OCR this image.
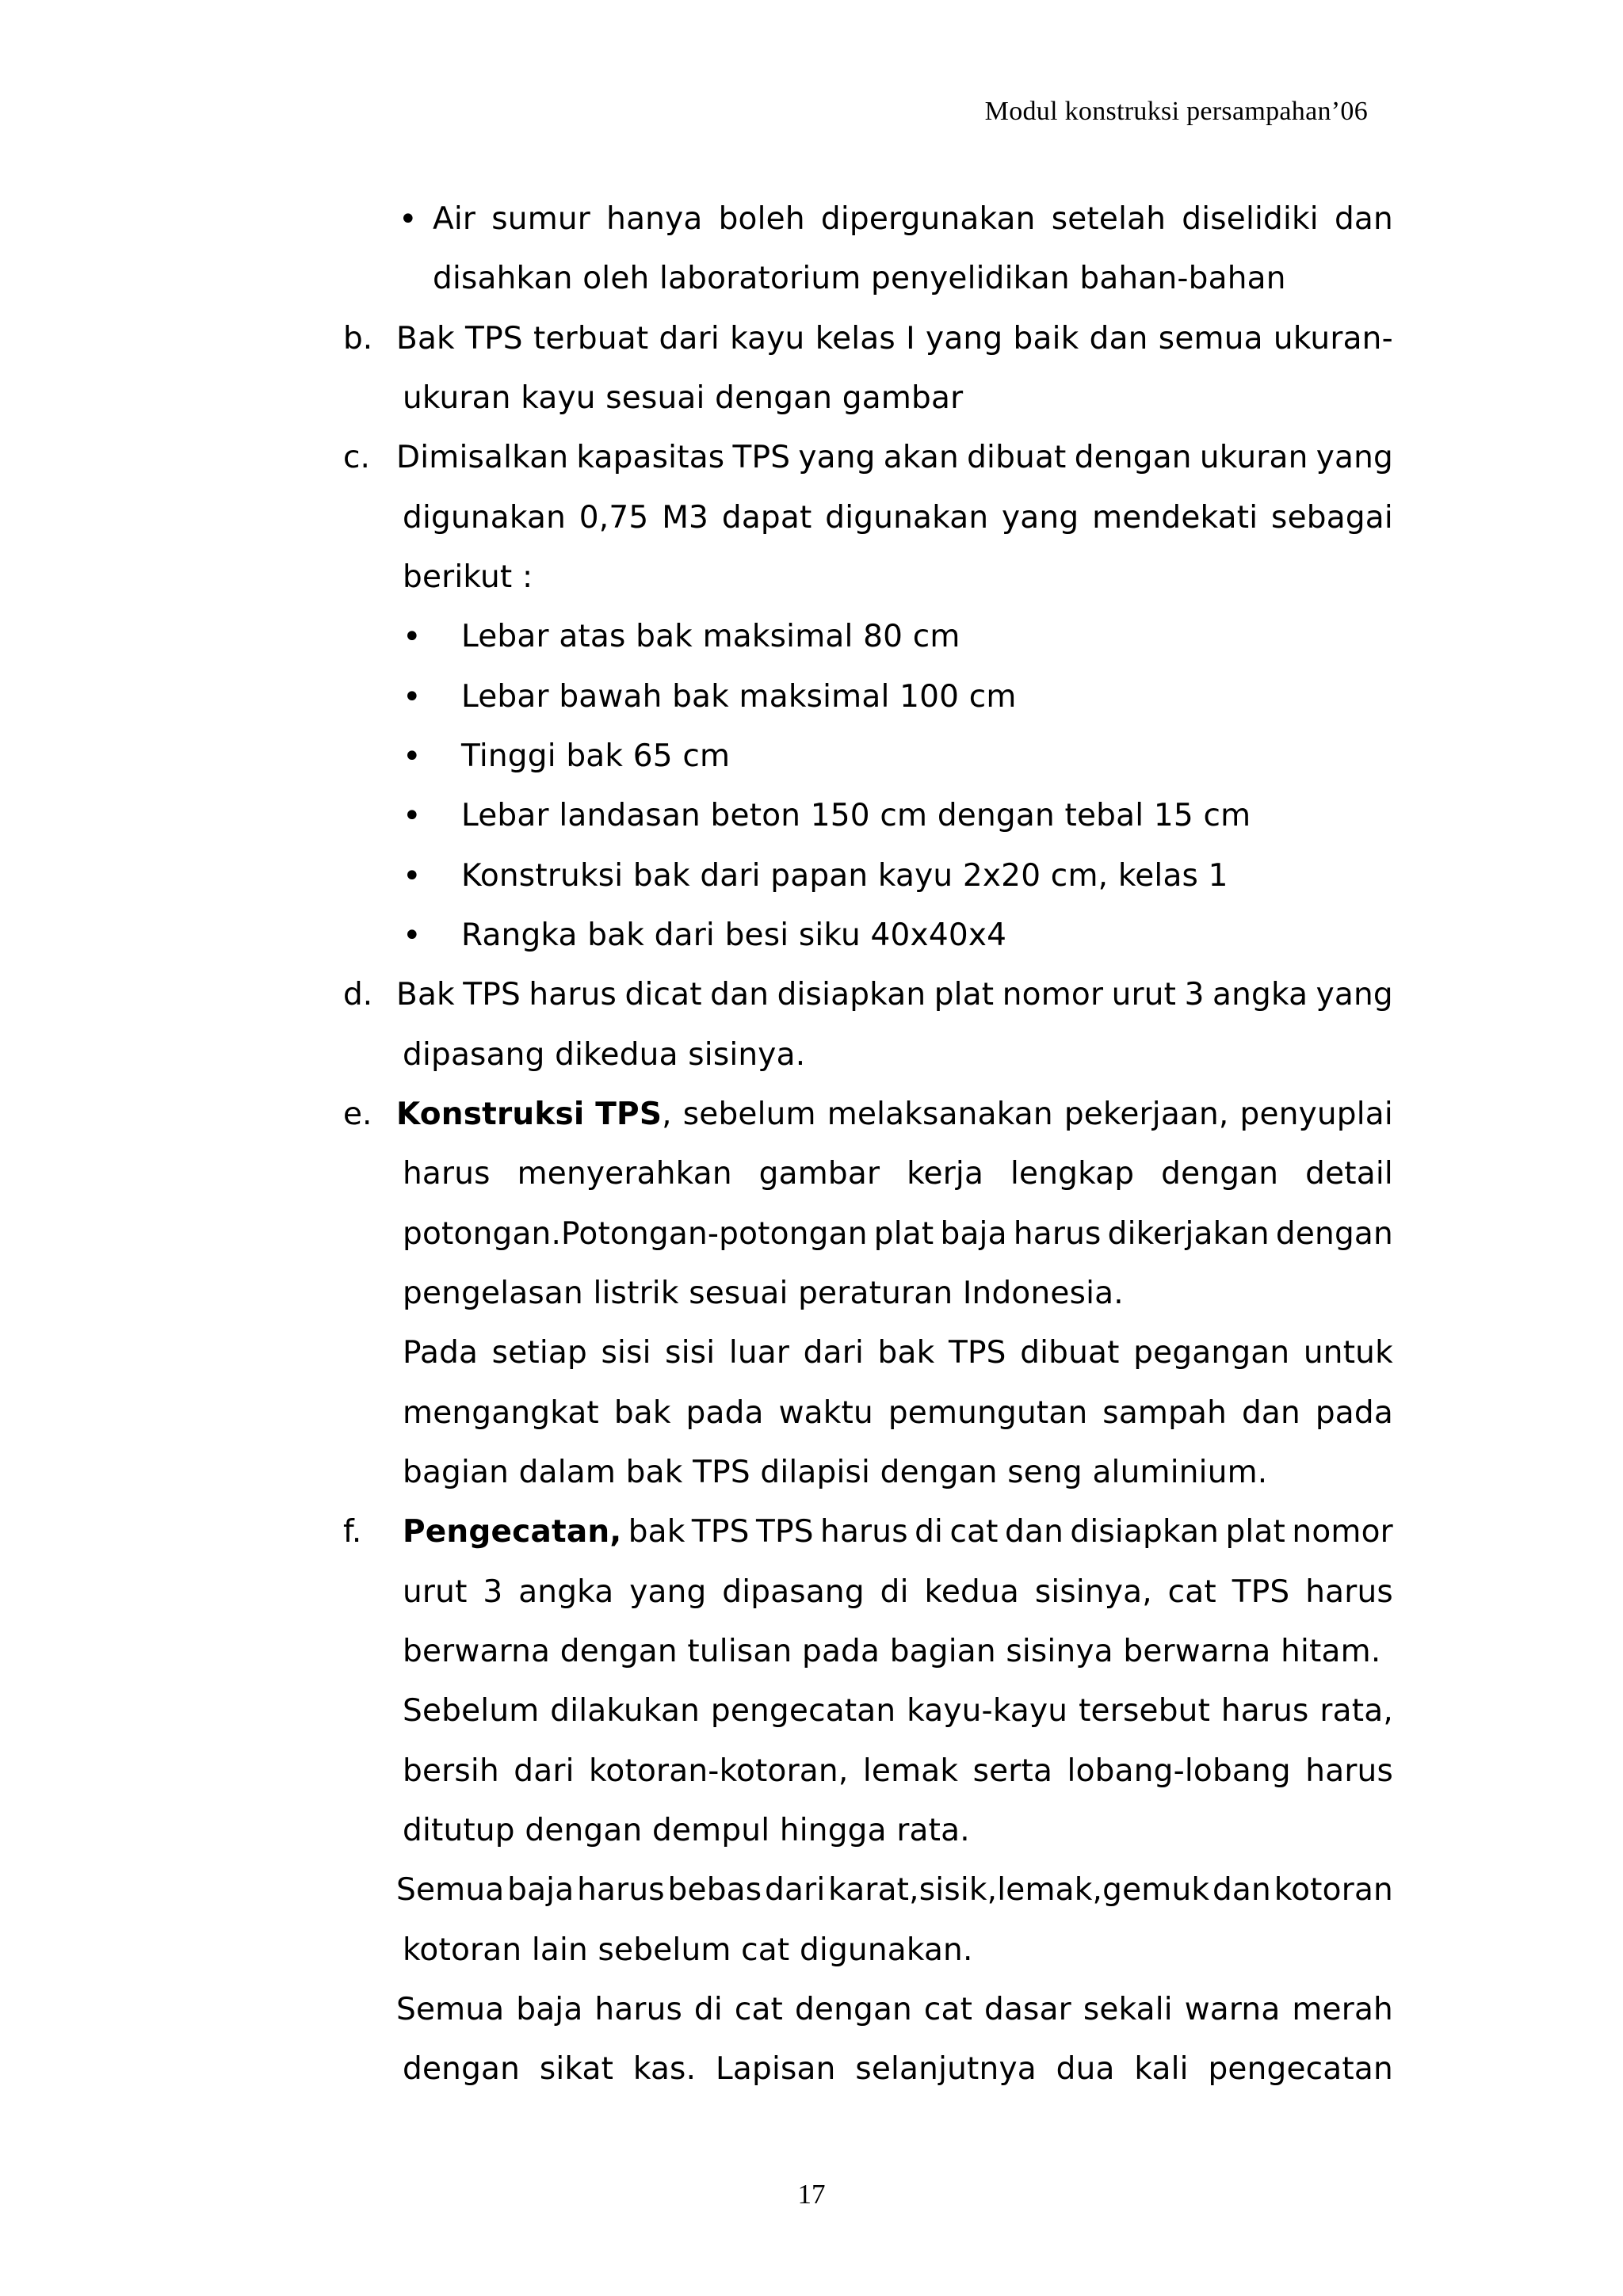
Modul konstruksi persampahan’06
• Air sumur hanya boleh dipergunakan setelah diselidiki dan
disahkan oleh laboratorium penyelidikan bahan-bahan
b. Bak TPS terbuat dari kayu kelas I yang baik dan semua ukuran-
ukuran kayu sesuai dengan gambar
c. Dimisalkan kapasitas TPS yang akan dibuat dengan ukuran yang
digunakan 0,75 M3 dapat digunakan yang mendekati sebagai
berikut :
• Lebar atas bak maksimal 80 cm
• Lebar bawah bak maksimal 100 cm
• Tinggi bak 65 cm
• Lebar landasan beton 150 cm dengan tebal 15 cm
• Konstruksi bak dari papan kayu 2x20 cm, kelas 1
• Rangka bak dari besi siku 40x40x4
d. Bak TPS harus dicat dan disiapkan plat nomor urut 3 angka yang
dipasang dikedua sisinya.
e. Konstruksi TPS, sebelum melaksanakan pekerjaan, penyuplai
harus menyerahkan gambar kerja lengkap dengan detail
potongan.Potongan-potongan plat baja harus dikerjakan dengan
pengelasan listrik sesuai peraturan Indonesia.
Pada setiap sisi sisi luar dari bak TPS dibuat pegangan untuk
mengangkat bak pada waktu pemungutan sampah dan pada
bagian dalam bak TPS dilapisi dengan seng aluminium.
f. Pengecatan, bak TPS TPS harus di cat dan disiapkan plat nomor
urut 3 angka yang dipasang di kedua sisinya, cat TPS harus
berwarna dengan tulisan pada bagian sisinya berwarna hitam.
Sebelum dilakukan pengecatan kayu-kayu tersebut harus rata,
bersih dari kotoran-kotoran, lemak serta lobang-lobang harus
ditutup dengan dempul hingga rata.
Semua baja harus bebas dari karat,sisik,lemak,gemuk dan kotoran
kotoran lain sebelum cat digunakan.
Semua baja harus di cat dengan cat dasar sekali warna merah
dengan sikat kas. Lapisan selanjutnya dua kali pengecatan
17
